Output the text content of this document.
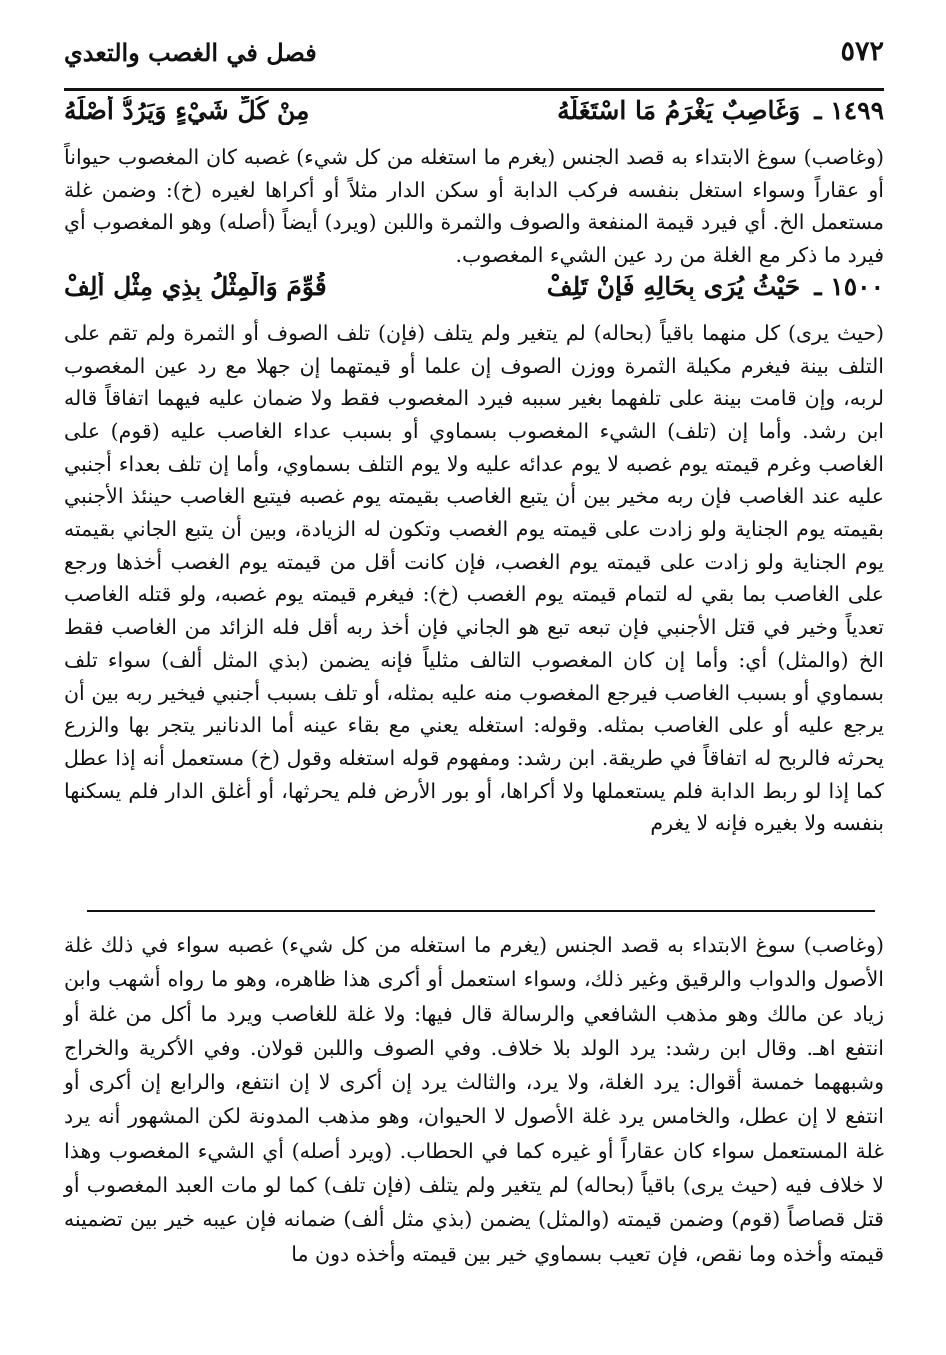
٥٧٢
فصل في الغصب والتعدي
١٤٩٩ ـ
وَغَاصِبٌ يَغْرَمُ مَا اسْتَغَلَّهُ
مِنْ كُلِّ شَيْءٍ وَيَرُدُّ أَصْلَهُ

(وغاصب) سوغ الابتداء به قصد الجنس (يغرم ما استغله من كل شيء) غصبه كان المغصوب حيواناً أو عقاراً وسواء استغل بنفسه فركب الدابة أو سكن الدار مثلاً أو أكراها لغيره (خ): وضمن غلة مستعمل الخ. أي فيرد قيمة المنفعة والصوف والثمرة واللبن (ويرد) أيضاً (أصله) وهو المغصوب أي فيرد ما ذكر مع الغلة من رد عين الشيء المغصوب.

١٥٠٠ ـ
حَيْثُ يُرَى بِحَالِهِ فَإِنْ تَلِفْ
قُوِّمَ وَالْمِثْلُ بِذِي مِثْلٍ أُلِفْ

(حيث يرى) كل منهما باقياً (بحاله) لم يتغير ولم يتلف (فإن) تلف الصوف أو الثمرة ولم تقم على التلف بينة فيغرم مكيلة الثمرة ووزن الصوف إن علما أو قيمتهما إن جهلا مع رد عين المغصوب لربه، وإن قامت بينة على تلفهما بغير سببه فيرد المغصوب فقط ولا ضمان عليه فيهما اتفاقاً قاله ابن رشد. وأما إن (تلف) الشيء المغصوب بسماوي أو بسبب عداء الغاصب عليه (قوم) على الغاصب وغرم قيمته يوم غصبه لا يوم عدائه عليه ولا يوم التلف بسماوي، وأما إن تلف بعداء أجنبي عليه عند الغاصب فإن ربه مخير بين أن يتبع الغاصب بقيمته يوم غصبه فيتبع الغاصب حينئذ الأجنبي بقيمته يوم الجناية ولو زادت على قيمته يوم الغصب وتكون له الزيادة، وبين أن يتبع الجاني بقيمته يوم الجناية ولو زادت على قيمته يوم الغصب، فإن كانت أقل من قيمته يوم الغصب أخذها ورجع على الغاصب بما بقي له لتمام قيمته يوم الغصب (خ): فيغرم قيمته يوم غصبه، ولو قتله الغاصب تعدياً وخير في قتل الأجنبي فإن تبعه تبع هو الجاني فإن أخذ ربه أقل فله الزائد من الغاصب فقط الخ (والمثل) أي: وأما إن كان المغصوب التالف مثلياً فإنه يضمن (بذي المثل ألف) سواء تلف بسماوي أو بسبب الغاصب فيرجع المغصوب منه عليه بمثله، أو تلف بسبب أجنبي فيخير ربه بين أن يرجع عليه أو على الغاصب بمثله. وقوله: استغله يعني مع بقاء عينه أما الدنانير يتجر بها والزرع يحرثه فالربح له اتفاقاً في طريقة. ابن رشد: ومفهوم قوله استغله وقول (خ) مستعمل أنه إذا عطل كما إذا لو ربط الدابة فلم يستعملها ولا أكراها، أو بور الأرض فلم يحرثها، أو أغلق الدار فلم يسكنها بنفسه ولا بغيره فإنه لا يغرم

(وغاصب) سوغ الابتداء به قصد الجنس (يغرم ما استغله من كل شيء) غصبه سواء في ذلك غلة الأصول والدواب والرقيق وغير ذلك، وسواء استعمل أو أكرى هذا ظاهره، وهو ما رواه أشهب وابن زياد عن مالك وهو مذهب الشافعي والرسالة قال فيها: ولا غلة للغاصب ويرد ما أكل من غلة أو انتفع اهـ. وقال ابن رشد: يرد الولد بلا خلاف. وفي الصوف واللبن قولان. وفي الأكرية والخراج وشبههما خمسة أقوال: يرد الغلة، ولا يرد، والثالث يرد إن أكرى لا إن انتفع، والرابع إن أكرى أو انتفع لا إن عطل، والخامس يرد غلة الأصول لا الحيوان، وهو مذهب المدونة لكن المشهور أنه يرد غلة المستعمل سواء كان عقاراً أو غيره كما في الحطاب. (ويرد أصله) أي الشيء المغصوب وهذا لا خلاف فيه (حيث يرى) باقياً (بحاله) لم يتغير ولم يتلف (فإن تلف) كما لو مات العبد المغصوب أو قتل قصاصاً (قوم) وضمن قيمته (والمثل) يضمن (بذي مثل ألف) ضمانه فإن عيبه خير بين تضمينه قيمته وأخذه وما نقص، فإن تعيب بسماوي خير بين قيمته وأخذه دون ما
